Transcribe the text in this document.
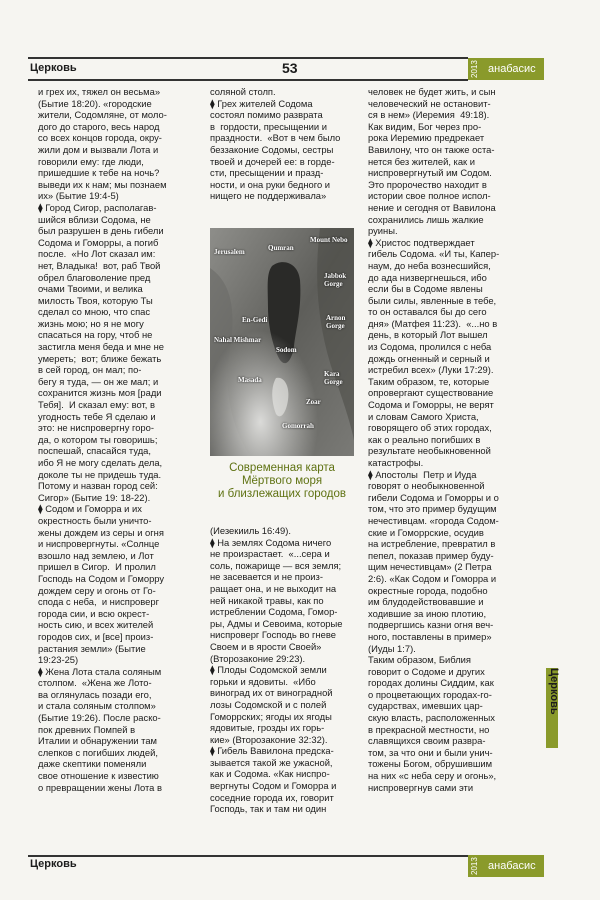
Церковь	53	2013 анабасис
и грех их, тяжел он весьма»
(Бытие 18:20). «городские
жители, Содомляне, от моло-
дого до старого, весь народ
со всех концов города, окру-
жили дом и вызвали Лота и
говорили ему: где люди,
пришедшие к тебе на ночь?
выведи их к нам; мы познаем
их» (Бытие 19:4-5)
⧫ Город Сигор, располагав-
шийся вблизи Содома, не
был разрушен в день гибели
Содома и Гоморры, а погиб
после.  «Но Лот сказал им:
нет, Владыка!  вот, раб Твой
обрел благоволение пред
очами Твоими, и велика
милость Твоя, которую Ты
сделал со мною, что спас
жизнь мою; но я не могу
спасаться на гору, чтоб не
застигла меня беда и мне не
умереть;  вот; ближе бежать
в сей город, он мал; по-
бегу я туда, — он же мал; и
сохранится жизнь моя [ради
Тебя].  И сказал ему: вот, в
угодность тебе Я сделаю и
это: не ниспровергну горо-
да, о котором ты говоришь;
поспешай, спасайся туда,
ибо Я не могу сделать дела,
доколе ты не придешь туда.
Потому и назван город сей:
Сигор» (Бытие 19: 18-22).
⧫ Содом и Гоморра и их
окрестность были уничто-
жены дождем из серы и огня
и ниспровергнуты. «Солнце
взошло над землею, и Лот
пришел в Сигор.  И пролил
Господь на Содом и Гоморру
дождем серу и огонь от Го-
спода с неба,  и ниспроверг
города сии, и всю окрест-
ность сию, и всех жителей
городов сих, и [все] произ-
растания земли» (Бытие
19:23-25)
⧫ Жена Лота стала соляным
столпом.  «Жена же Лото-
ва оглянулась позади его,
и стала соляным столпом»
(Бытие 19:26). После раско-
пок древних Помпей в
Италии и обнаружении там
слепков с погибших людей,
даже скептики поменяли
свое отношение к известию
о превращении жены Лота в
соляной столп.
⧫ Грех жителей Содома
состоял помимо разврата
в  гордости, пресыщении и
праздности.  «Вот в чем было
беззаконие Содомы, сестры
твоей и дочерей ее: в горде-
сти, пресыщении и празд-
ности, и она руки бедного и
нищего не поддерживала»
Qumran
Mount Nebo
Jerusalem
Jabbok
Gorge
En-Gedi	Arnon
Gorge
Nahal Mishmar
Sodom
Masada
Kara
Gorge
Zoar
Gomorrah
Современная карта
Мёртвого моря
и близлежащих городов
(Иезекииль 16:49).
⧫ На землях Содома ничего
не произрастает.  «...сера и
соль, пожарище — вся земля;
не засевается и не произ-
ращает она, и не выходит на
ней никакой травы, как по
истреблении Содома, Гомор-
ры, Адмы и Севоима, которые
ниспроверг Господь во гневе
Своем и в ярости Своей»
(Второзаконие 29:23).
⧫ Плоды Содомской земли
горьки и ядовиты.  «Ибо
виноград их от виноградной
лозы Содомской и с полей
Гоморрских; ягоды их ягоды
ядовитые, грозды их горь-
кие» (Второзаконие 32:32).
⧫ Гибель Вавилона предска-
зывается такой же ужасной,
как и Содома. «Как ниспро-
вергнуты Содом и Гоморра и
соседние города их, говорит
Господь, так и там ни один
человек не будет жить, и сын
человеческий не остановит-
ся в нем» (Иеремия  49:18).
Как видим, Бог через про-
рока Иеремию предрекает
Вавилону, что он также оста-
нется без жителей, как и
ниспровергнутый им Содом.
Это пророчество находит в
истории свое полное испол-
нение и сегодня от Вавилона
сохранились лишь жалкие
руины.
⧫ Христос подтверждает
гибель Содома. «И ты, Капер-
наум, до неба вознесшийся,
до ада низвергнешься, ибо
если бы в Содоме явлены
были силы, явленные в тебе,
то он оставался бы до сего
дня» (Матфея 11:23).  «...но в
день, в который Лот вышел
из Содома, пролился с неба
дождь огненный и серный и
истребил всех» (Луки 17:29).
Таким образом, те, которые
опровергают существование
Содома и Гоморры, не верят
и словам Самого Христа,
говорящего об этих городах,
как о реально погибших в
результате необыкновенной
катастрофы.
⧫ Апостолы  Петр и Иуда
говорят о необыкновенной
гибели Содома и Гоморры и о
том, что это пример будущим
нечестивцам. «города Содом-
ские и Гоморрские, осудив
на истребление, превратил в
пепел, показав пример буду-
щим нечестивцам» (2 Петра
2:6). «Как Содом и Гоморра и
окрестные города, подобно
им блудодействовавшие и
ходившие за иною плотию,
подвергшись казни огня веч-
ного, поставлены в пример»
(Иуды 1:7).
Таким образом, Библия
говорит о Содоме и других
городах долины Сиддим, как
о процветающих городах-го-
сударствах, имевших цар-
скую власть, расположенных
в прекрасной местности, но
славящихся своим развра-
том, за что они и были унич-
тожены Богом, обрушившим
на них «с неба серу и огонь»,
ниспровергнув сами эти
Церковь
Церковь	2013 анабасис
